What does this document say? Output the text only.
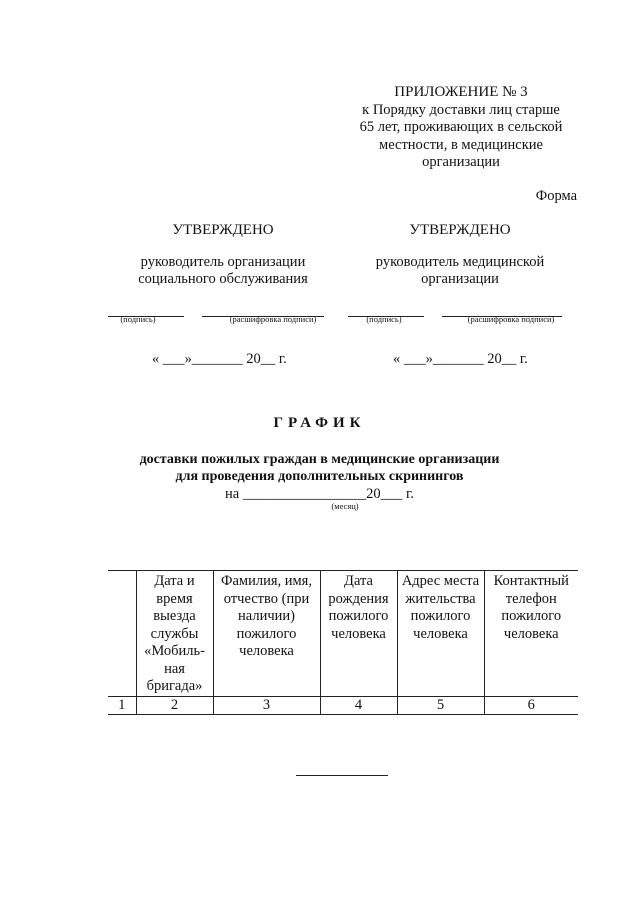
ПРИЛОЖЕНИЕ № 3
к Порядку доставки лиц старше
65 лет, проживающих в сельской
местности, в медицинские
организации
Форма
УТВЕРЖДЕНО
руководитель организации
социального обслуживания
УТВЕРЖДЕНО
руководитель медицинской
организации
(подпись)	(расшифровка подписи)	(подпись)	(расшифровка подписи)
« ___»_______ 20__ г.	« ___»_______ 20__ г.
ГРАФИК
доставки пожилых граждан в медицинские организации
для проведения дополнительных скринингов
на _________________20___ г.
(месяц)
	Дата и время выезда службы «Мобиль-ная бригада»	Фамилия, имя, отчество (при наличии) пожилого человека	Дата рождения пожилого человека	Адрес места жительства пожилого человека	Контактный телефон пожилого человека
1	2	3	4	5	6
